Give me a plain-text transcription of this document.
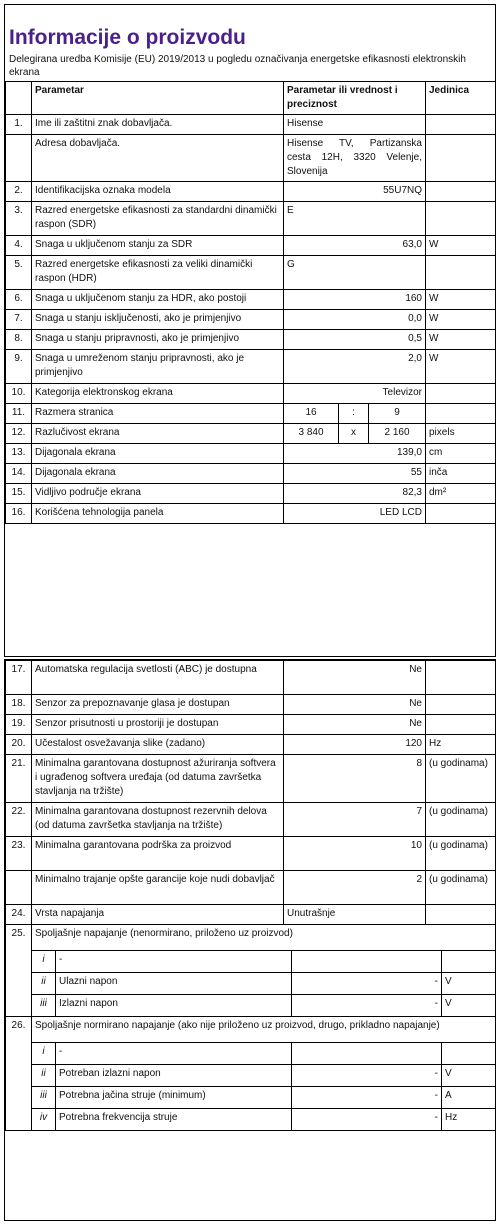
Informacije o proizvodu
Delegirana uredba Komisije (EU) 2019/2013 u pogledu označivanja energetske efikasnosti elektronskih ekrana
	Parametar	Parametar ili vrednost i preciznost			Jedinica
1.	Ime ili zaštitni znak dobavljača.	Hisense			
	Adresa dobavljača.	Hisense TV, Partizanska cesta 12H, 3320 Velenje, Slovenija			
2.	Identifikacijska oznaka modela	55U7NQ			
3.	Razred energetske efikasnosti za standardni dinamički raspon (SDR)	E			
4.	Snaga u uključenom stanju za SDR	63,0			W
5.	Razred energetske efikasnosti za veliki dinamički raspon (HDR)	G			
6.	Snaga u uključenom stanju za HDR, ako postoji	160			W
7.	Snaga u stanju isključenosti, ako je primjenjivo	0,0			W
8.	Snaga u stanju pripravnosti, ako je primjenjivo	0,5			W
9.	Snaga u umreženom stanju pripravnosti, ako je primjenjivo	2,0			W
10.	Kategorija elektronskog ekrana	Televizor			
11.	Razmera stranica	16	:	9	
12.	Razlučivost ekrana	3 840	x	2 160	pixels
13.	Dijagonala ekrana	139,0			cm
14.	Dijagonala ekrana	55			inča
15.	Vidljivo područje ekrana	82,3			dm²
16.	Korišćena tehnologija panela	LED LCD			
17.	Automatska regulacija svetlosti (ABC) je dostupna	Ne	
18.	Senzor za prepoznavanje glasa je dostupan	Ne	
19.	Senzor prisutnosti u prostoriji je dostupan	Ne	
20.	Učestalost osvežavanja slike (zadano)	120	Hz
21.	Minimalna garantovana dostupnost ažuriranja softvera i ugrađenog softvera uređaja (od datuma završetka stavljanja na tržište)	8	(u godinama)
22.	Minimalna garantovana dostupnost rezervnih delova (od datuma završetka stavljanja na tržište)	7	(u godinama)
23.	Minimalna garantovana podrška za proizvod	10	(u godinama)
	Minimalno trajanje opšte garancije koje nudi dobavljač	2	(u godinama)
24.	Vrsta napajanja	Unutrašnje	
25.	Spoljašnje napajanje (nenormirano, priloženo uz proizvod)			
	i	-		
	ii	Ulazni napon	-	V
	iii	Izlazni napon	-	V
26.	Spoljašnje normirano napajanje (ako nije priloženo uz proizvod, drugo, prikladno napajanje)			
	i	-		
	ii	Potreban izlazni napon	-	V
	iii	Potrebna jačina struje (minimum)	-	A
	iv	Potrebna frekvencija struje	-	Hz
